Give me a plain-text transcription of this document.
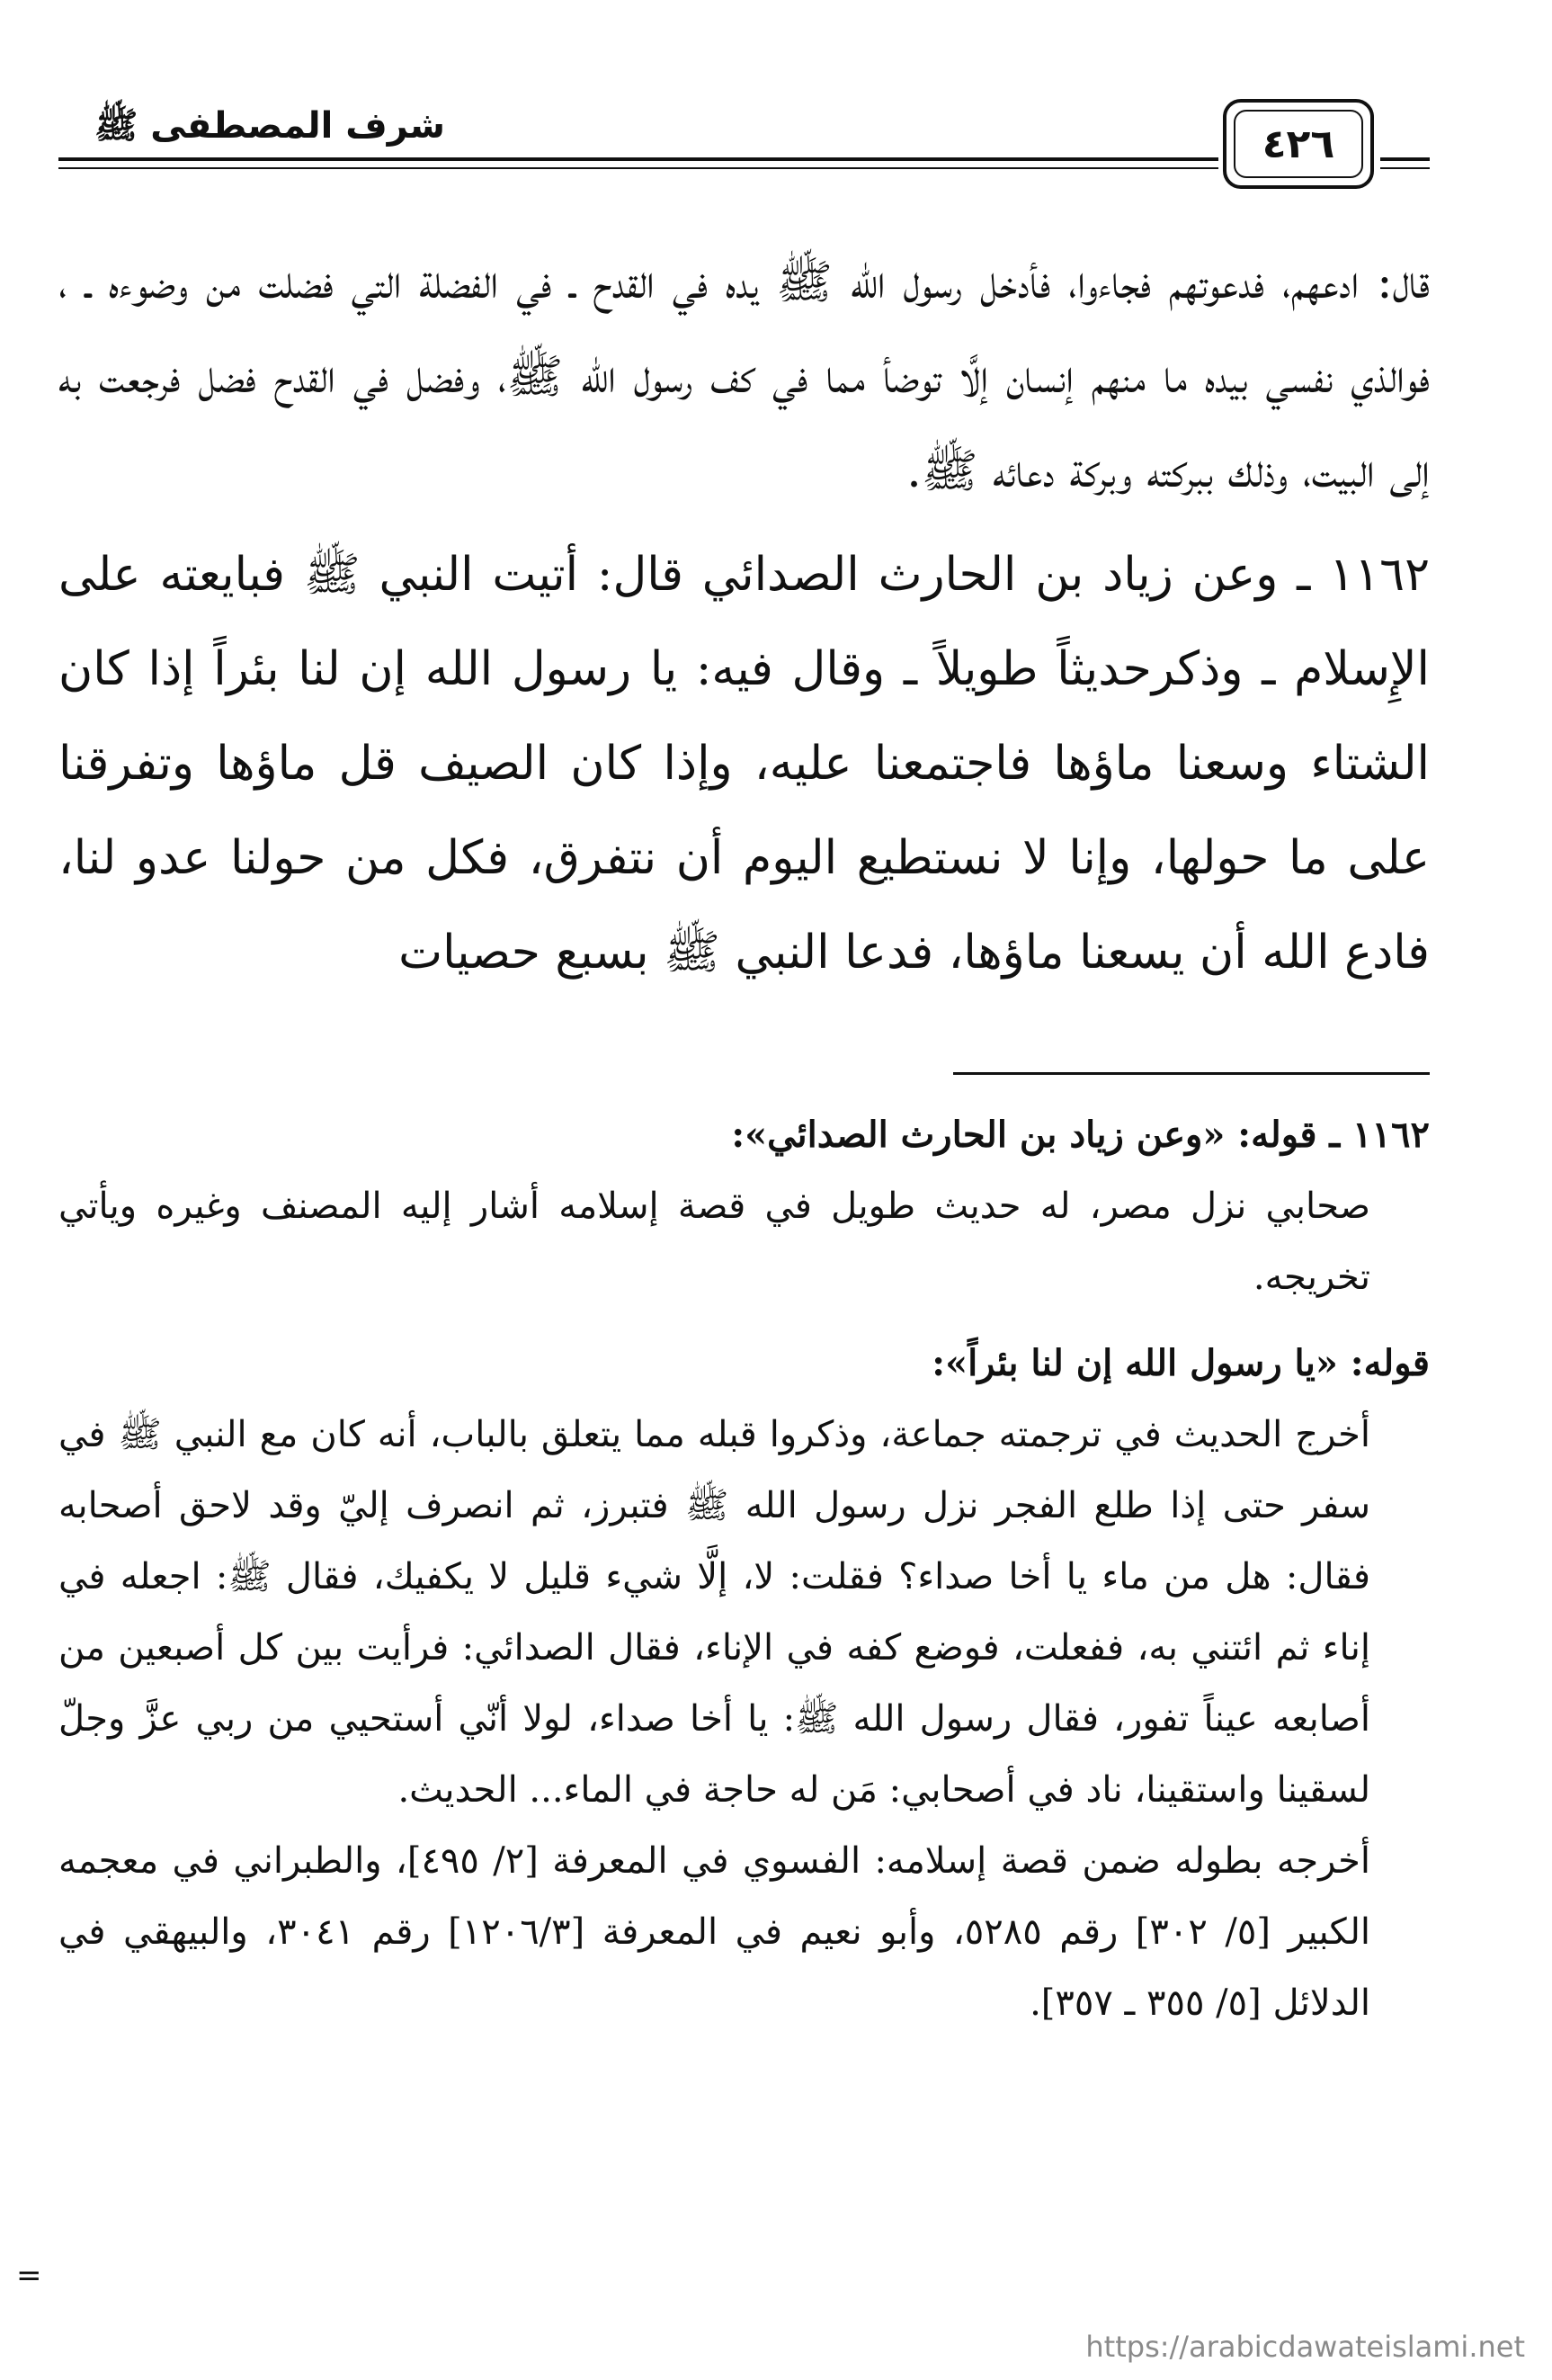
شرف المصطفى ﷺ	٤٢٦

قال: ادعهم، فدعوتهم فجاءوا، فأدخل رسول الله ﷺ يده في القدح ـ في الفضلة التي فضلت من وضوءه ـ ، فوالذي نفسي بيده ما منهم إنسان إلَّا توضأ مما في كف رسول الله ﷺ، وفضل في القدح فضل فرجعت به إلى البيت، وذلك ببركته وبركة دعائه ﷺ.

١١٦٢ ـ وعن زياد بن الحارث الصدائي قال: أتيت النبي ﷺ فبايعته على الإِسلام ـ وذكرحديثاً طويلاً ـ وقال فيه: يا رسول الله إن لنا بئراً إذا كان الشتاء وسعنا ماؤها فاجتمعنا عليه، وإذا كان الصيف قل ماؤها وتفرقنا على ما حولها، وإنا لا نستطيع اليوم أن نتفرق، فكل من حولنا عدو لنا، فادع الله أن يسعنا ماؤها، فدعا النبي ﷺ بسبع حصيات

١١٦٢ ـ قوله: «وعن زياد بن الحارث الصدائي»:

صحابي نزل مصر، له حديث طويل في قصة إسلامه أشار إليه المصنف وغيره ويأتي تخريجه.

قوله: «يا رسول الله إن لنا بئراً»:

أخرج الحديث في ترجمته جماعة، وذكروا قبله مما يتعلق بالباب، أنه كان مع النبي ﷺ في سفر حتى إذا طلع الفجر نزل رسول الله ﷺ فتبرز، ثم انصرف إليّ وقد لاحق أصحابه فقال: هل من ماء يا أخا صداء؟ فقلت: لا، إلَّا شيء قليل لا يكفيك، فقال ﷺ: اجعله في إناء ثم ائتني به، ففعلت، فوضع كفه في الإناء، فقال الصدائي: فرأيت بين كل أصبعين من أصابعه عيناً تفور، فقال رسول الله ﷺ: يا أخا صداء، لولا أنّي أستحيي من ربي عزَّ وجلّ لسقينا واستقينا، ناد في أصحابي: مَن له حاجة في الماء... الحديث.

أخرجه بطوله ضمن قصة إسلامه: الفسوي في المعرفة [٢/ ٤٩٥]، والطبراني في معجمه الكبير [٥/ ٣٠٢] رقم ٥٢٨٥، وأبو نعيم في المعرفة [١٢٠٦/٣] رقم ٣٠٤١، والبيهقي في الدلائل [٥/ ٣٥٥ ـ ٣٥٧].

=
https://arabicdawateislami.net
